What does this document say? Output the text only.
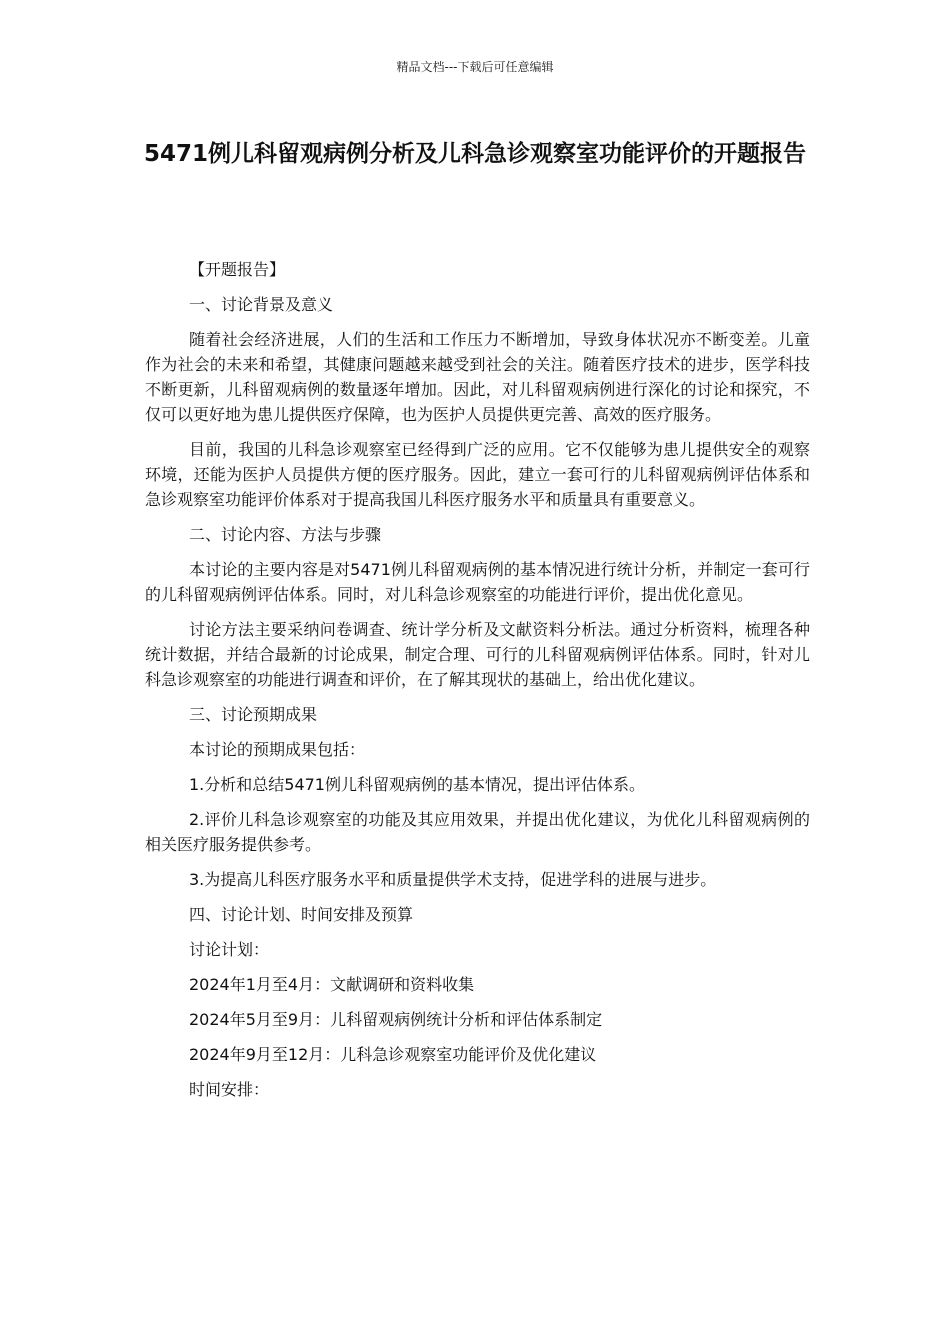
精品文档---下载后可任意编辑
5471例儿科留观病例分析及儿科急诊观察室功能评价的开题报告

【开题报告】

一、讨论背景及意义

随着社会经济进展，人们的生活和工作压力不断增加，导致身体状况亦不断变差。儿童作为社会的未来和希望，其健康问题越来越受到社会的关注。随着医疗技术的进步，医学科技不断更新，儿科留观病例的数量逐年增加。因此，对儿科留观病例进行深化的讨论和探究，不仅可以更好地为患儿提供医疗保障，也为医护人员提供更完善、高效的医疗服务。

目前，我国的儿科急诊观察室已经得到广泛的应用。它不仅能够为患儿提供安全的观察环境，还能为医护人员提供方便的医疗服务。因此，建立一套可行的儿科留观病例评估体系和急诊观察室功能评价体系对于提高我国儿科医疗服务水平和质量具有重要意义。

二、讨论内容、方法与步骤

本讨论的主要内容是对5471例儿科留观病例的基本情况进行统计分析，并制定一套可行的儿科留观病例评估体系。同时，对儿科急诊观察室的功能进行评价，提出优化意见。

讨论方法主要采纳问卷调查、统计学分析及文献资料分析法。通过分析资料，梳理各种统计数据，并结合最新的讨论成果，制定合理、可行的儿科留观病例评估体系。同时，针对儿科急诊观察室的功能进行调查和评价，在了解其现状的基础上，给出优化建议。

三、讨论预期成果

本讨论的预期成果包括：

1.分析和总结5471例儿科留观病例的基本情况，提出评估体系。

2.评价儿科急诊观察室的功能及其应用效果，并提出优化建议，为优化儿科留观病例的相关医疗服务提供参考。

3.为提高儿科医疗服务水平和质量提供学术支持，促进学科的进展与进步。

四、讨论计划、时间安排及预算

讨论计划：

2024年1月至4月：文献调研和资料收集

2024年5月至9月：儿科留观病例统计分析和评估体系制定

2024年9月至12月：儿科急诊观察室功能评价及优化建议

时间安排：
